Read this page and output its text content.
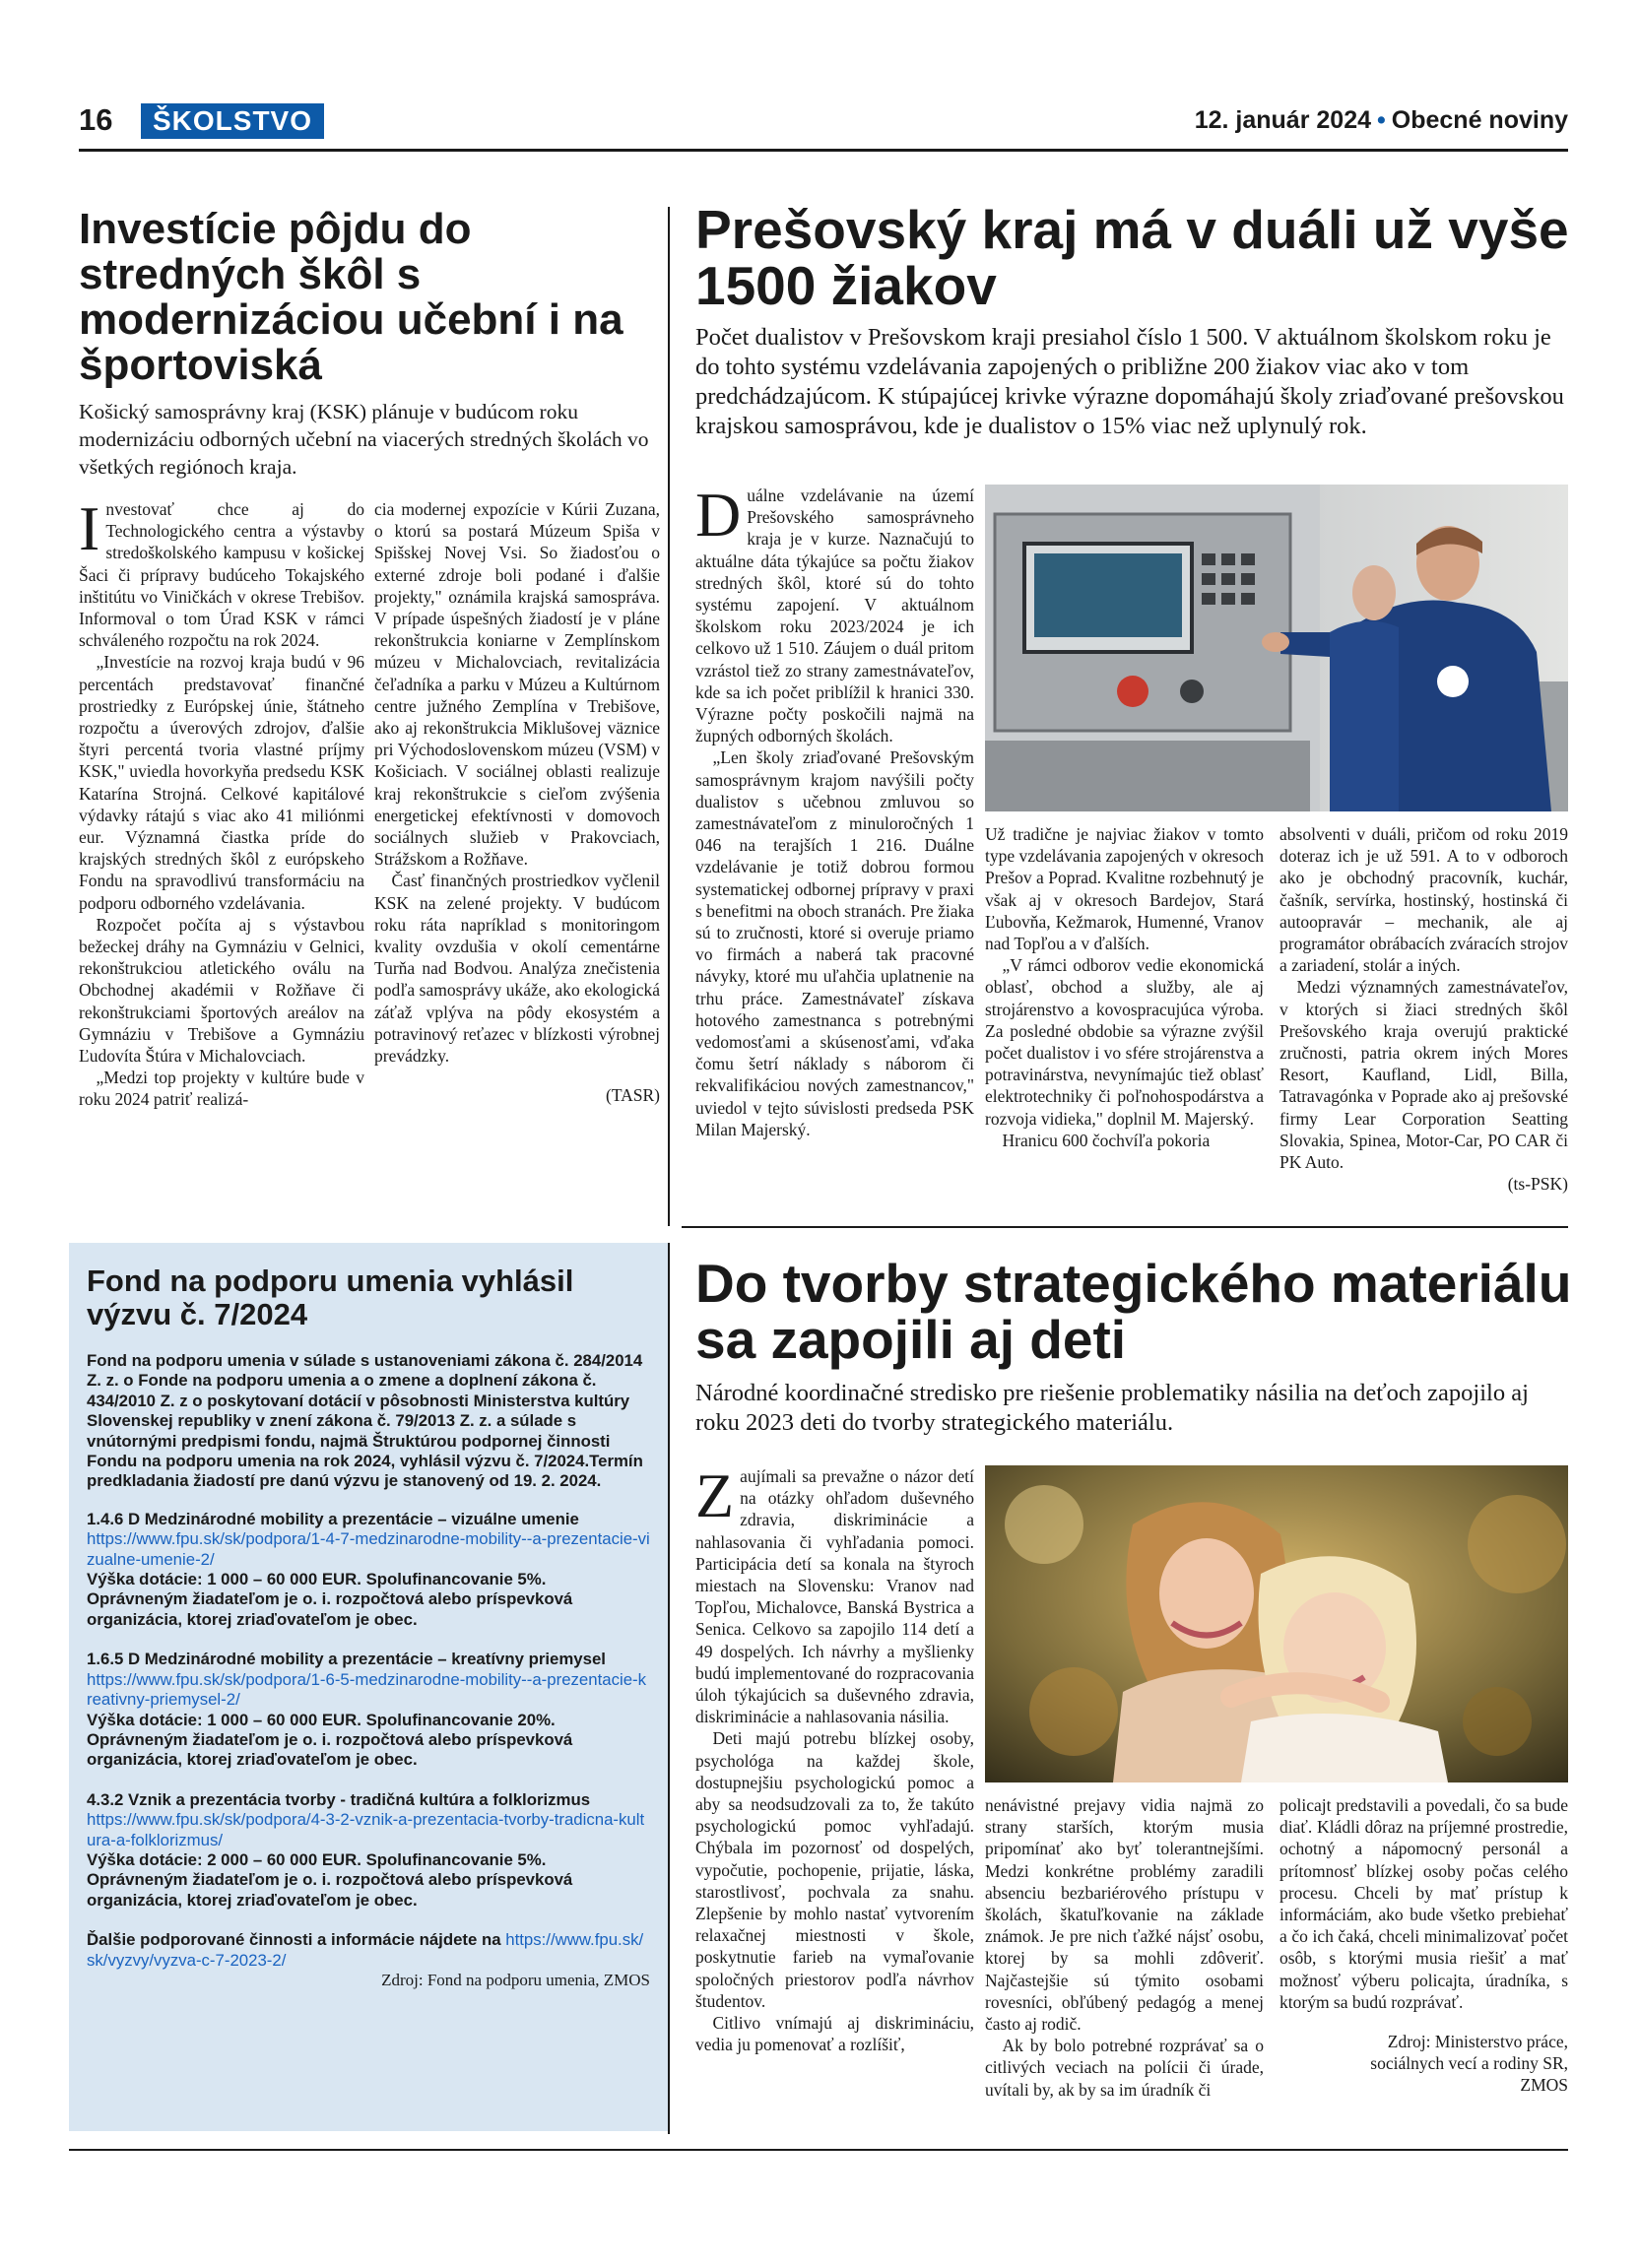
16	ŠKOLSTVO	12. január 2024 • Obecné noviny
Investície pôjdu do stredných škôl s modernizáciou učební i na športoviská
Košický samosprávny kraj (KSK) plánuje v budúcom roku modernizáciu odborných učební na viacerých stredných školách vo všetkých regiónoch kraja.

Investovať chce aj do Technologického centra a výstavby stredoškolského kampusu v košickej Šaci či prípravy budúceho Tokajského inštitútu vo Viničkách v okrese Trebišov. Informoval o tom Úrad KSK v rámci schváleného rozpočtu na rok 2024.

„Investície na rozvoj kraja budú v 96 percentách predstavovať finančné prostriedky z Európskej únie, štátneho rozpočtu a úverových zdrojov, ďalšie štyri percentá tvoria vlastné príjmy KSK," uviedla hovorkyňa predsedu KSK Katarína Strojná. Celkové kapitálové výdavky rátajú s viac ako 41 miliónmi eur. Významná čiastka príde do krajských stredných škôl z európskeho Fondu na spravodlivú transformáciu na podporu odborného vzdelávania.

Rozpočet počíta aj s výstavbou bežeckej dráhy na Gymnáziu v Gelnici, rekonštrukciou atletického oválu na Obchodnej akadémii v Rožňave či rekonštrukciami športových areálov na Gymnáziu v Trebišove a Gymnáziu Ľudovíta Štúra v Michalovciach.

„Medzi top projekty v kultúre bude v roku 2024 patriť realizá-

cia modernej expozície v Kúrii Zuzana, o ktorú sa postará Múzeum Spiša v Spišskej Novej Vsi. So žiadosťou o externé zdroje boli podané i ďalšie projekty," oznámila krajská samospráva. V prípade úspešných žiadostí je v pláne rekonštrukcia koniarne v Zemplínskom múzeu v Michalovciach, revitalizácia čeľadníka a parku v Múzeu a Kultúrnom centre južného Zemplína v Trebišove, ako aj rekonštrukcia Miklušovej väznice pri Východoslovenskom múzeu (VSM) v Košiciach. V sociálnej oblasti realizuje kraj rekonštrukcie s cieľom zvýšenia energetickej efektívnosti v domovoch sociálnych služieb v Prakovciach, Strážskom a Rožňave.

Časť finančných prostriedkov vyčlenil KSK na zelené projekty. V budúcom roku ráta napríklad s monitoringom kvality ovzdušia v okolí cementárne Turňa nad Bodvou. Analýza znečistenia podľa samosprávy ukáže, ako ekologická záťaž vplýva na pôdy ekosystém a potravinový reťazec v blízkosti výrobnej prevádzky.

(TASR)
Prešovský kraj má v duáli už vyše 1500 žiakov
Počet dualistov v Prešovskom kraji presiahol číslo 1 500. V aktuálnom školskom roku je do tohto systému vzdelávania zapojených o približne 200 žiakov viac ako v tom predchádzajúcom. K stúpajúcej krivke výrazne dopomáhajú školy zriaďované prešovskou krajskou samosprávou, kde je dualistov o 15% viac než uplynulý rok.

Duálne vzdelávanie na území Prešovského samosprávneho kraja je v kurze. Naznačujú to aktuálne dáta týkajúce sa počtu žiakov stredných škôl, ktoré sú do tohto systému zapojení. V aktuálnom školskom roku 2023/2024 je ich celkovo už 1 510. Záujem o duál pritom vzrástol tiež zo strany zamestnávateľov, kde sa ich počet priblížil k hranici 330. Výrazne počty poskočili najmä na župných odborných školách.

„Len školy zriaďované Prešovským samosprávnym krajom navýšili počty dualistov s učebnou zmluvou so zamestnávateľom z minuloročných 1 046 na terajších 1 216. Duálne vzdelávanie je totiž dobrou formou systematickej odbornej prípravy v praxi s benefitmi na oboch stranách. Pre žiaka sú to zručnosti, ktoré si overuje priamo vo firmách a naberá tak pracovné návyky, ktoré mu uľahčia uplatnenie na trhu práce. Zamestnávateľ získava hotového zamestnanca s potrebnými vedomosťami a skúsenosťami, vďaka čomu šetrí náklady s náborom či rekvalifikáciou nových zamestnancov," uviedol v tejto súvislosti predseda PSK Milan Majerský.

Už tradične je najviac žiakov v tomto type vzdelávania zapojených v okresoch Prešov a Poprad. Kvalitne rozbehnutý je však aj v okresoch Bardejov, Stará Ľubovňa, Kežmarok, Humenné, Vranov nad Topľou a v ďalších.

„V rámci odborov vedie ekonomická oblasť, obchod a služby, ale aj strojárenstvo a kovospracujúca výroba. Za posledné obdobie sa výrazne zvýšil počet dualistov i vo sfére strojárenstva a potravinárstva, nevynímajúc tiež oblasť elektrotechniky či poľnohospodárstva a rozvoja vidieka," doplnil M. Majerský.

Hranicu 600 čochvíľa pokoria

absolventi v duáli, pričom od roku 2019 doteraz ich je už 591. A to v odboroch ako je obchodný pracovník, kuchár, čašník, servírka, hostinský, hostinská či autoopravár – mechanik, ale aj programátor obrábacích zváracích strojov a zariadení, stolár a iných.

Medzi významných zamestnávateľov, v ktorých si žiaci stredných škôl Prešovského kraja overujú praktické zručnosti, patria okrem iných Mores Resort, Kaufland, Lidl, Billa, Tatravagónka v Poprade ako aj prešovské firmy Lear Corporation Seatting Slovakia, Spinea, Motor-Car, PO CAR či PK Auto.

(ts-PSK)
Fond na podporu umenia vyhlásil výzvu č. 7/2024
Fond na podporu umenia v súlade s ustanoveniami zákona č. 284/2014 Z. z. o Fonde na podporu umenia a o zmene a doplnení zákona č. 434/2010 Z. z o poskytovaní dotácií v pôsobnosti Ministerstva kultúry Slovenskej republiky v znení zákona č. 79/2013 Z. z. a súlade s vnútornými predpismi fondu, najmä Štruktúrou podpornej činnosti Fondu na podporu umenia na rok 2024, vyhlásil výzvu č. 7/2024.Termín predkladania žiadostí pre danú výzvu je stanovený od 19. 2. 2024.
1.4.6 D Medzinárodné mobility a prezentácie – vizuálne umenie
https://www.fpu.sk/sk/podpora/1-4-7-medzinarodne-mobility--a-prezentacie-vizualne-umenie-2/
Výška dotácie: 1 000 – 60 000 EUR. Spolufinancovanie 5%.
Oprávneným žiadateľom je o. i. rozpočtová alebo príspevková organizácia, ktorej zriaďovateľom je obec.
1.6.5 D Medzinárodné mobility a prezentácie – kreatívny priemysel
https://www.fpu.sk/sk/podpora/1-6-5-medzinarodne-mobility--a-prezentacie-kreativny-priemysel-2/
Výška dotácie: 1 000 – 60 000 EUR. Spolufinancovanie 20%.
Oprávneným žiadateľom je o. i. rozpočtová alebo príspevková organizácia, ktorej zriaďovateľom je obec.
4.3.2 Vznik a prezentácia tvorby - tradičná kultúra a folklorizmus
https://www.fpu.sk/sk/podpora/4-3-2-vznik-a-prezentacia-tvorby-tradicna-kultura-a-folklorizmus/
Výška dotácie: 2 000 – 60 000 EUR. Spolufinancovanie 5%.
Oprávneným žiadateľom je o. i. rozpočtová alebo príspevková organizácia, ktorej zriaďovateľom je obec.
Ďalšie podporované činnosti a informácie nájdete na https://www.fpu.sk/sk/vyzvy/vyzva-c-7-2023-2/
Zdroj: Fond na podporu umenia, ZMOS
Do tvorby strategického materiálu sa zapojili aj deti
Národné koordinačné stredisko pre riešenie problematiky násilia na deťoch zapojilo aj roku 2023 deti do tvorby strategického materiálu.

Zaujímali sa prevažne o názor detí na otázky ohľadom duševného zdravia, diskriminácie a nahlasovania či vyhľadania pomoci. Participácia detí sa konala na štyroch miestach na Slovensku: Vranov nad Topľou, Michalovce, Banská Bystrica a Senica. Celkovo sa zapojilo 114 detí a 49 dospelých. Ich návrhy a myšlienky budú implementované do rozpracovania úloh týkajúcich sa duševného zdravia, diskriminácie a nahlasovania násilia.

Deti majú potrebu blízkej osoby, psychológa na každej škole, dostupnejšiu psychologickú pomoc a aby sa neodsudzovali za to, že takúto psychologickú pomoc vyhľadajú. Chýbala im pozornosť od dospelých, vypočutie, pochopenie, prijatie, láska, starostlivosť, pochvala za snahu. Zlepšenie by mohlo nastať vytvorením relaxačnej miestnosti v škole, poskytnutie farieb na vymaľovanie spoločných priestorov podľa návrhov študentov.

Citlivo vnímajú aj diskrimináciu, vedia ju pomenovať a rozlíšiť,

nenávistné prejavy vidia najmä zo strany starších, ktorým musia pripomínať ako byť tolerantnejšími. Medzi konkrétne problémy zaradili absenciu bezbariérového prístupu v školách, škatuľkovanie na základe známok. Je pre nich ťažké nájsť osobu, ktorej by sa mohli zdôveriť. Najčastejšie sú týmito osobami rovesníci, obľúbený pedagóg a menej často aj rodič.

Ak by bolo potrebné rozprávať sa o citlivých veciach na polícii či úrade, uvítali by, ak by sa im úradník či

policajt predstavili a povedali, čo sa bude diať. Kládli dôraz na príjemné prostredie, ochotný a nápomocný personál a prítomnosť blízkej osoby počas celého procesu. Chceli by mať prístup k informáciám, ako bude všetko prebiehať a čo ich čaká, chceli minimalizovať počet osôb, s ktorými musia riešiť a mať možnosť výberu policajta, úradníka, s ktorým sa budú rozprávať.

Zdroj: Ministerstvo práce, sociálnych vecí a rodiny SR, ZMOS
